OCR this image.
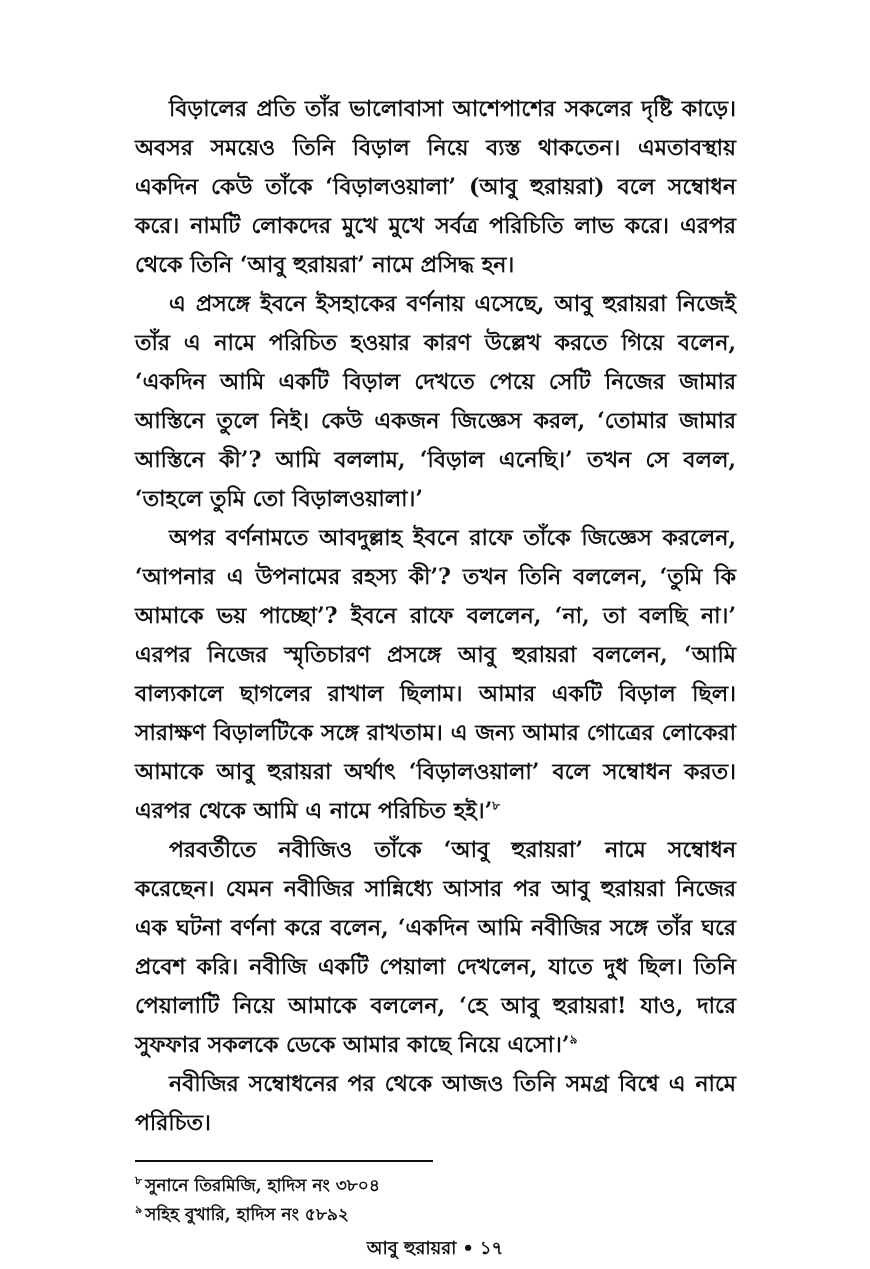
বিড়ালের প্রতি তাঁর ভালোবাসা আশেপাশের সকলের দৃষ্টি কাড়ে। অবসর সময়েও তিনি বিড়াল নিয়ে ব্যস্ত থাকতেন। এমতাবস্থায় একদিন কেউ তাঁকে ‘বিড়ালওয়ালা’ (আবু হুরায়রা) বলে সম্বোধন করে। নামটি লোকদের মুখে মুখে সর্বত্র পরিচিতি লাভ করে। এরপর থেকে তিনি ‘আবু হুরায়রা’ নামে প্রসিদ্ধ হন।

এ প্রসঙ্গে ইবনে ইসহাকের বর্ণনায় এসেছে, আবু হুরায়রা নিজেই তাঁর এ নামে পরিচিত হওয়ার কারণ উল্লেখ করতে গিয়ে বলেন, ‘একদিন আমি একটি বিড়াল দেখতে পেয়ে সেটি নিজের জামার আস্তিনে তুলে নিই। কেউ একজন জিজ্ঞেস করল, ‘তোমার জামার আস্তিনে কী’? আমি বললাম, ‘বিড়াল এনেছি।’ তখন সে বলল, ‘তাহলে তুমি তো বিড়ালওয়ালা।’

অপর বর্ণনামতে আবদুল্লাহ ইবনে রাফে তাঁকে জিজ্ঞেস করলেন, ‘আপনার এ উপনামের রহস্য কী’? তখন তিনি বললেন, ‘তুমি কি আমাকে ভয় পাচ্ছো’? ইবনে রাফে বললেন, ‘না, তা বলছি না।’ এরপর নিজের স্মৃতিচারণ প্রসঙ্গে আবু হুরায়রা বললেন, ‘আমি বাল্যকালে ছাগলের রাখাল ছিলাম। আমার একটি বিড়াল ছিল। সারাক্ষণ বিড়ালটিকে সঙ্গে রাখতাম। এ জন্য আমার গোত্রের লোকেরা আমাকে আবু হুরায়রা অর্থাৎ ‘বিড়ালওয়ালা’ বলে সম্বোধন করত। এরপর থেকে আমি এ নামে পরিচিত হই।’$^৮$

পরবর্তীতে নবীজিও তাঁকে ‘আবু হুরায়রা’ নামে সম্বোধন করেছেন। যেমন নবীজির সান্নিধ্যে আসার পর আবু হুরায়রা নিজের এক ঘটনা বর্ণনা করে বলেন, ‘একদিন আমি নবীজির সঙ্গে তাঁর ঘরে প্রবেশ করি। নবীজি একটি পেয়ালা দেখলেন, যাতে দুধ ছিল। তিনি পেয়ালাটি নিয়ে আমাকে বললেন, ‘হে আবু হুরায়রা! যাও, দারে সুফফার সকলকে ডেকে আমার কাছে নিয়ে এসো।’$^৯$

নবীজির সম্বোধনের পর থেকে আজও তিনি সমগ্র বিশ্বে এ নামে পরিচিত।

$^৮$ সুনানে তিরমিজি, হাদিস নং ৩৮০৪
$^৯$ সহিহ বুখারি, হাদিস নং ৫৮৯২
আবু হুরায়রা • ১৭
